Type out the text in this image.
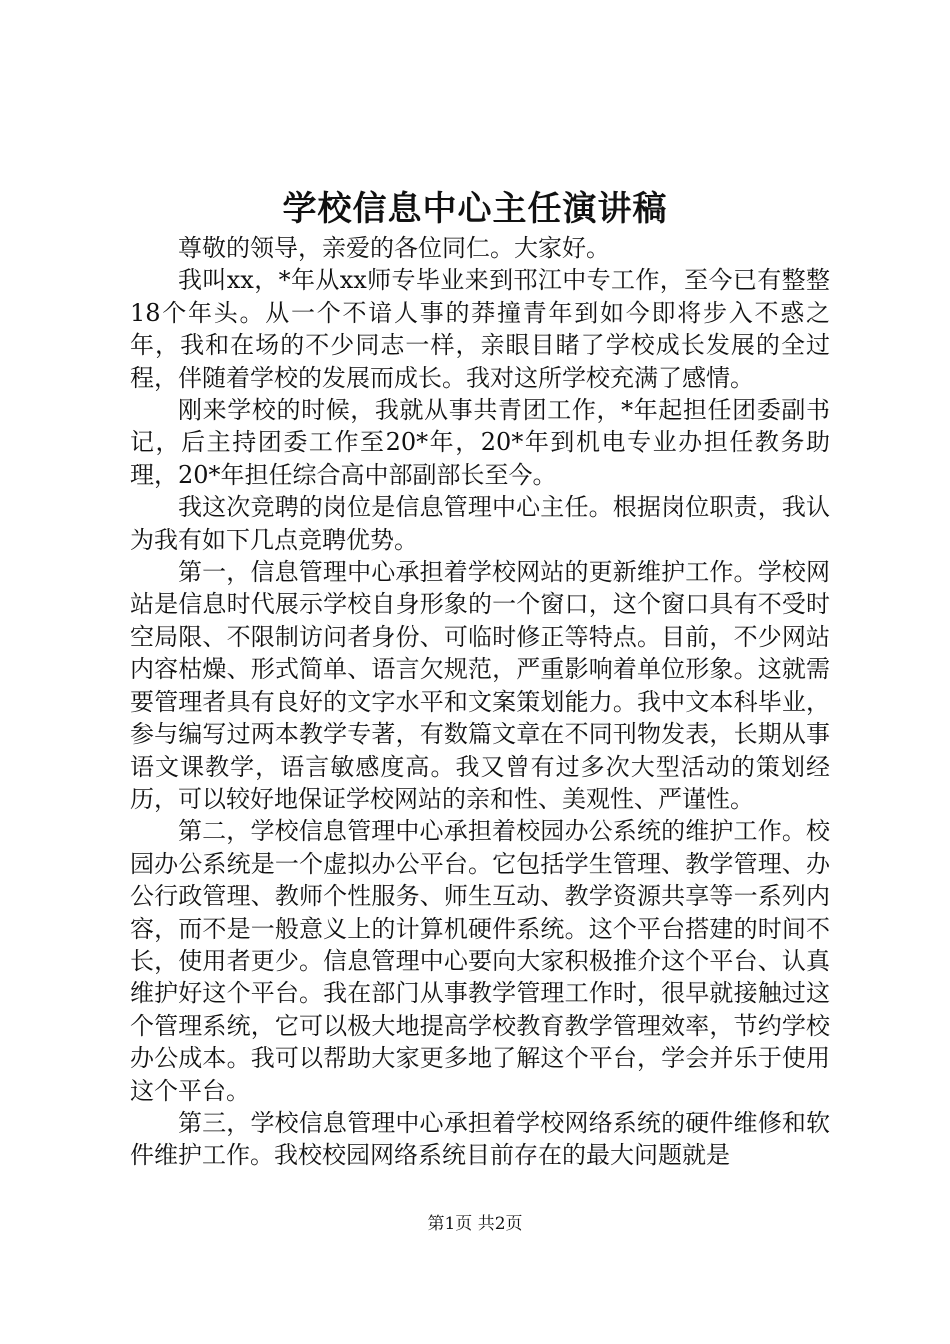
学校信息中心主任演讲稿

尊敬的领导，亲爱的各位同仁。大家好。

我叫xx，*年从xx师专毕业来到邗江中专工作，至今已有整整18个年头。从一个不谙人事的莽撞青年到如今即将步入不惑之年，我和在场的不少同志一样，亲眼目睹了学校成长发展的全过程，伴随着学校的发展而成长。我对这所学校充满了感情。

刚来学校的时候，我就从事共青团工作，*年起担任团委副书记，后主持团委工作至20*年，20*年到机电专业办担任教务助理，20*年担任综合高中部副部长至今。

我这次竞聘的岗位是信息管理中心主任。根据岗位职责，我认为我有如下几点竞聘优势。

第一，信息管理中心承担着学校网站的更新维护工作。学校网站是信息时代展示学校自身形象的一个窗口，这个窗口具有不受时空局限、不限制访问者身份、可临时修正等特点。目前，不少网站内容枯燥、形式简单、语言欠规范，严重影响着单位形象。这就需要管理者具有良好的文字水平和文案策划能力。我中文本科毕业，参与编写过两本教学专著，有数篇文章在不同刊物发表，长期从事语文课教学，语言敏感度高。我又曾有过多次大型活动的策划经历，可以较好地保证学校网站的亲和性、美观性、严谨性。

第二，学校信息管理中心承担着校园办公系统的维护工作。校园办公系统是一个虚拟办公平台。它包括学生管理、教学管理、办公行政管理、教师个性服务、师生互动、教学资源共享等一系列内容，而不是一般意义上的计算机硬件系统。这个平台搭建的时间不长，使用者更少。信息管理中心要向大家积极推介这个平台、认真维护好这个平台。我在部门从事教学管理工作时，很早就接触过这个管理系统，它可以极大地提高学校教育教学管理效率，节约学校办公成本。我可以帮助大家更多地了解这个平台，学会并乐于使用这个平台。

第三，学校信息管理中心承担着学校网络系统的硬件维修和软件维护工作。我校校园网络系统目前存在的最大问题就是

第1页 共2页
